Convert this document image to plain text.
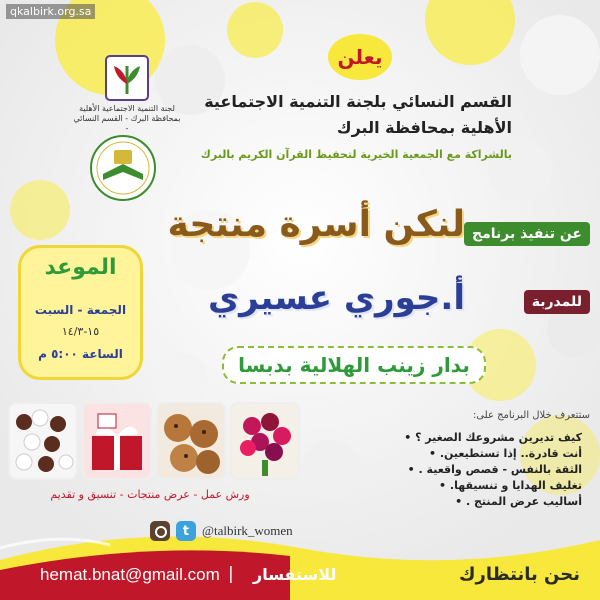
qkalbirk.org.sa
لجنة التنمية الاجتماعية الأهلية بمحافظة البرك - القسم النسائي -
يعلن
القسم النسائي بلجنة التنمية الاجتماعية
الأهلية بمحافظة البرك
بالشراكة مع الجمعية الخيرية لتحفيظ القرآن الكريم بالبرك
عن تنفيذ برنامج
لنكن أسرة منتجة
للمدربة
أ.جوري عسيري
بدار زينب الهلالية بدبسا
الموعد
الجمعة - السبت
١٥-١٤/٣
الساعة ٥:٠٠ م
ورش عمل - عرض منتجات - تنسيق و تقديم
ستتعرف خلال البرنامج على:
كيف تديرين مشروعك الصغير ؟ •
أنت قادرة.. إذا تستطيعين. •
الثقة بالنفس - قصص واقعية . •
تغليف الهدايا و تنسيقها. •
أساليب عرض المنتج . •
t @talbirk_women
hemat.bnat@gmail.com | للاستفسار	نحن بانتظارك
